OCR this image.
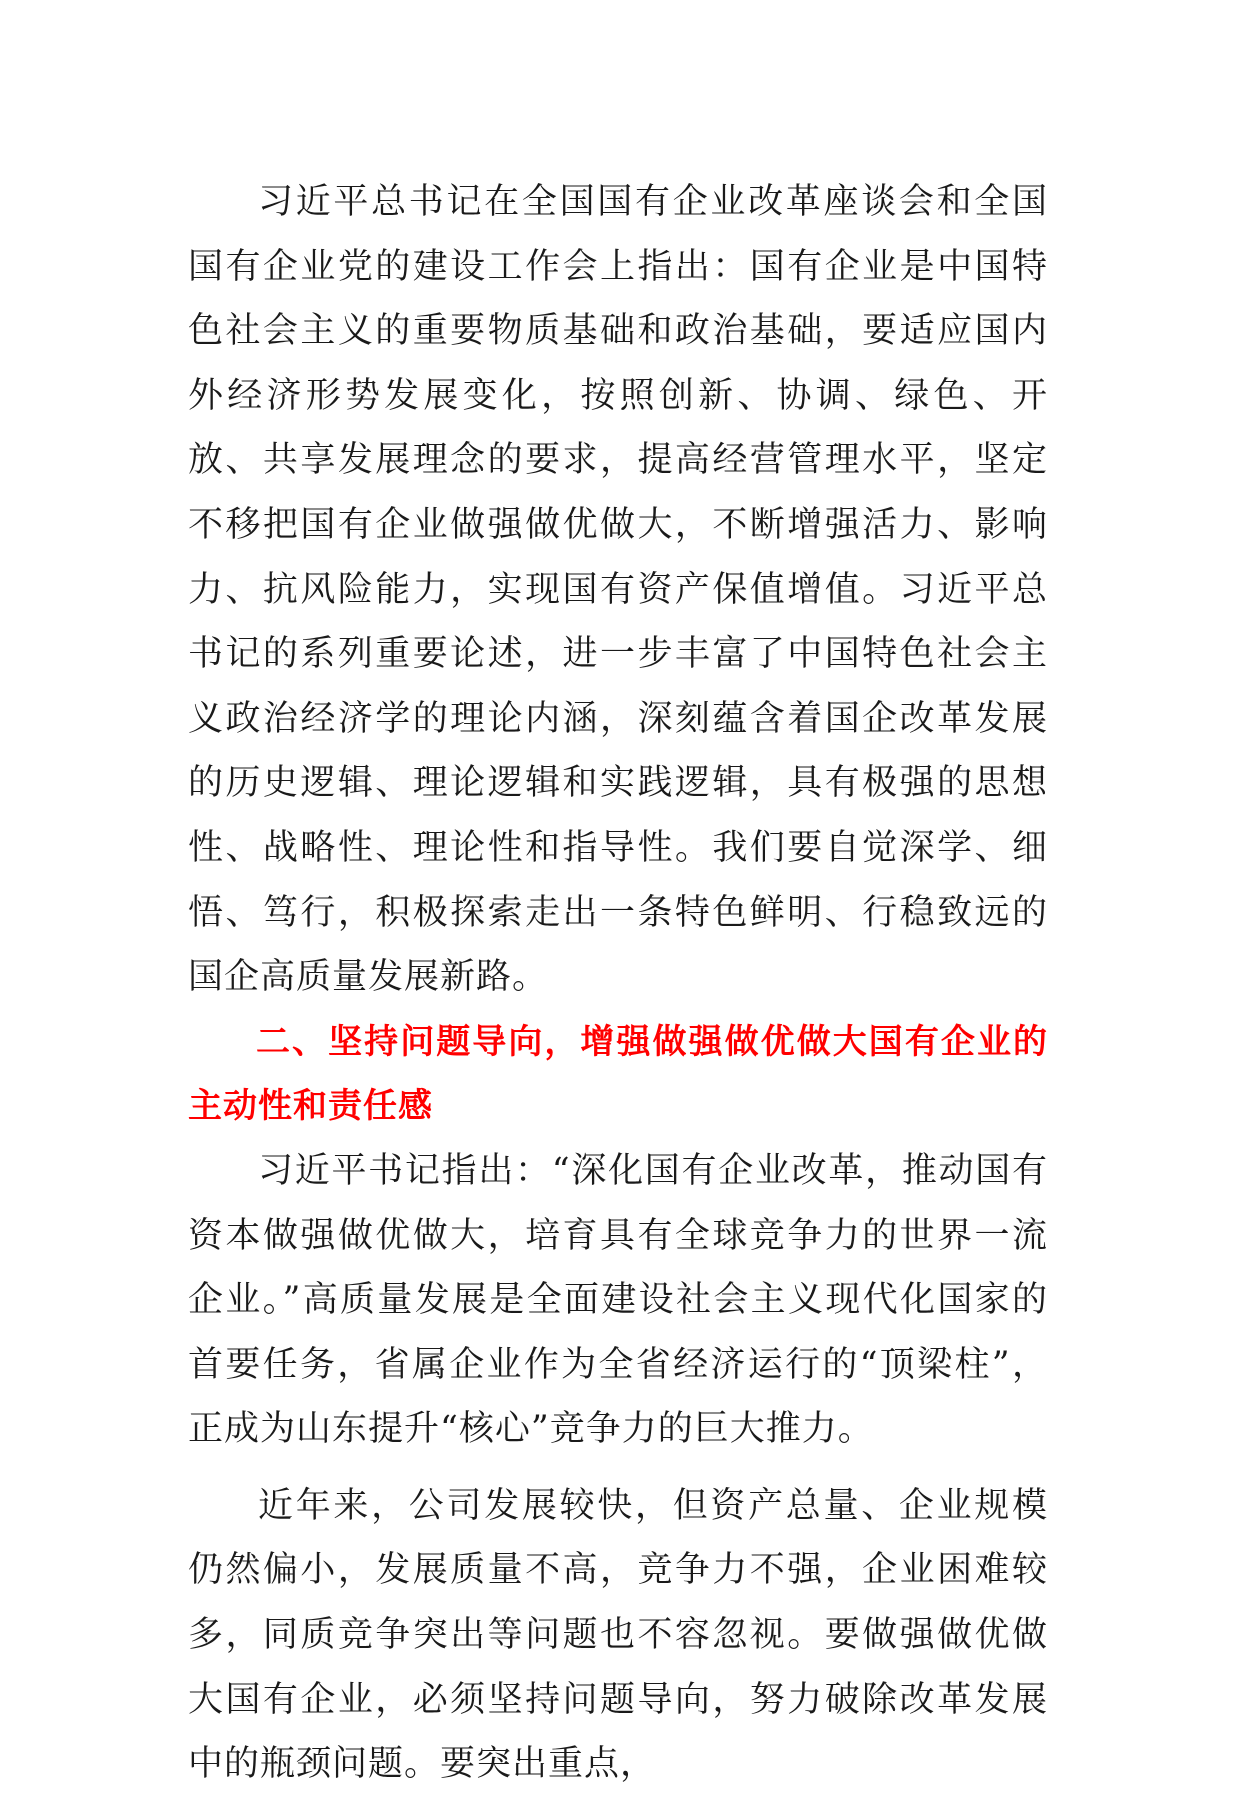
习近平总书记在全国国有企业改革座谈会和全国国有企业党的建设工作会上指出：国有企业是中国特色社会主义的重要物质基础和政治基础，要适应国内外经济形势发展变化，按照创新、协调、绿色、开放、共享发展理念的要求，提高经营管理水平，坚定不移把国有企业做强做优做大，不断增强活力、影响力、抗风险能力，实现国有资产保值增值。习近平总书记的系列重要论述，进一步丰富了中国特色社会主义政治经济学的理论内涵，深刻蕴含着国企改革发展的历史逻辑、理论逻辑和实践逻辑，具有极强的思想性、战略性、理论性和指导性。我们要自觉深学、细悟、笃行，积极探索走出一条特色鲜明、行稳致远的国企高质量发展新路。

二、坚持问题导向，增强做强做优做大国有企业的主动性和责任感

习近平书记指出：“深化国有企业改革，推动国有资本做强做优做大，培育具有全球竞争力的世界一流企业。”高质量发展是全面建设社会主义现代化国家的首要任务，省属企业作为全省经济运行的“顶梁柱”，正成为山东提升“核心”竞争力的巨大推力。

近年来，公司发展较快，但资产总量、企业规模仍然偏小，发展质量不高，竞争力不强，企业困难较多，同质竞争突出等问题也不容忽视。要做强做优做大国有企业，必须坚持问题导向，努力破除改革发展中的瓶颈问题。要突出重点，
